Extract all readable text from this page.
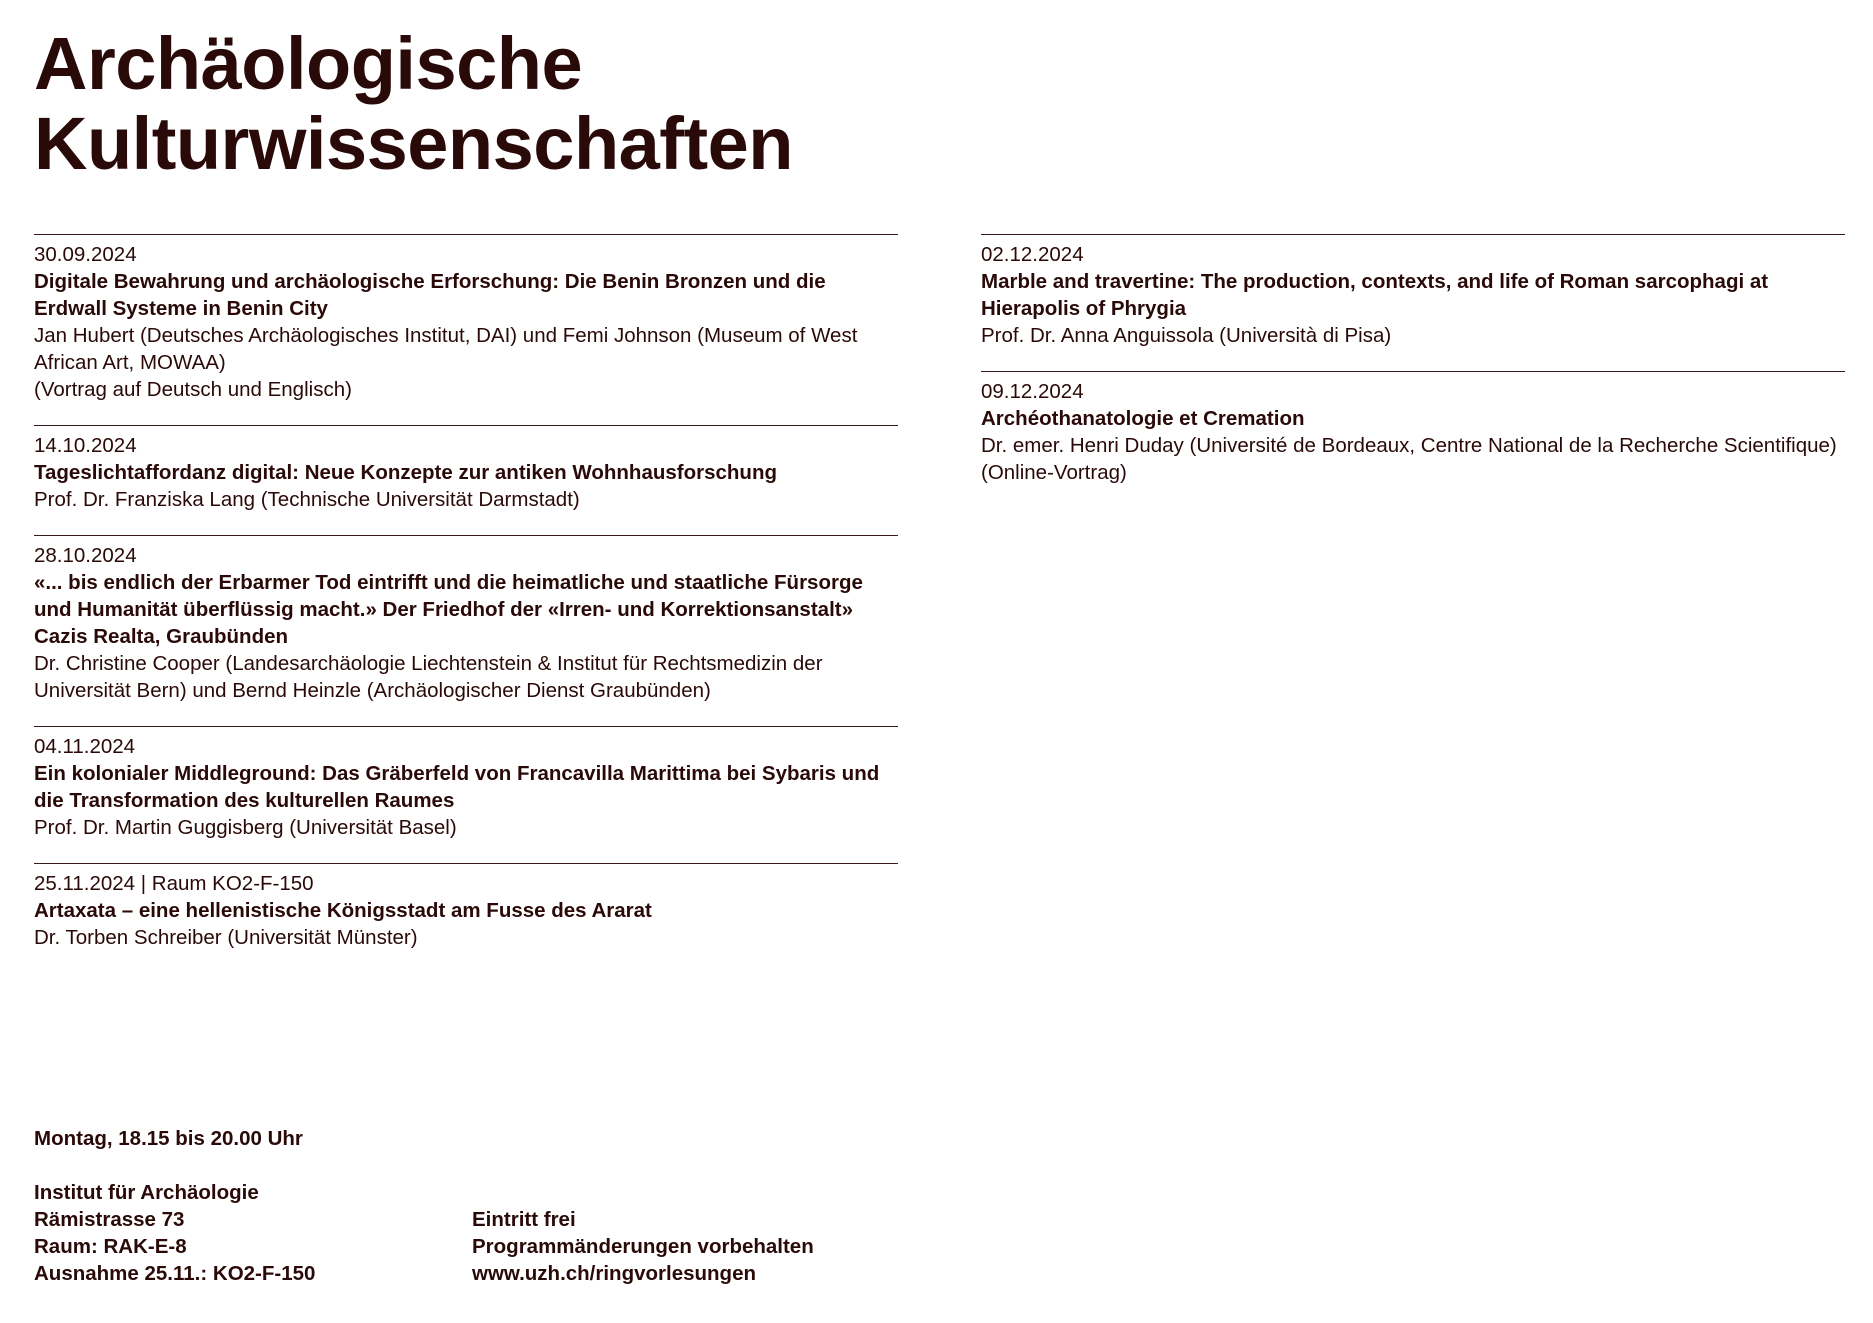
Archäologische
Kulturwissenschaften
30.09.2024
Digitale Bewahrung und archäologische Erforschung: Die Benin Bronzen und die Erdwall Systeme in Benin City
Jan Hubert (Deutsches Archäologisches Institut, DAI) und Femi Johnson (Museum of West African Art, MOWAA)
(Vortrag auf Deutsch und Englisch)
14.10.2024
Tageslichtaffordanz digital: Neue Konzepte zur antiken Wohnhausforschung
Prof. Dr. Franziska Lang (Technische Universität Darmstadt)
28.10.2024
«... bis endlich der Erbarmer Tod eintrifft und die heimatliche und staatliche Fürsorge und Humanität überflüssig macht.» Der Friedhof der «Irren- und Korrektionsanstalt» Cazis Realta, Graubünden
Dr. Christine Cooper (Landesarchäologie Liechtenstein & Institut für Rechtsmedizin der Universität Bern) und Bernd Heinzle (Archäologischer Dienst Graubünden)
04.11.2024
Ein kolonialer Middleground: Das Gräberfeld von Francavilla Marittima bei Sybaris und die Transformation des kulturellen Raumes
Prof. Dr. Martin Guggisberg (Universität Basel)
25.11.2024 | Raum KO2-F-150
Artaxata – eine hellenistische Königsstadt am Fusse des Ararat
Dr. Torben Schreiber (Universität Münster)
02.12.2024
Marble and travertine: The production, contexts, and life of Roman sarcophagi at Hierapolis of Phrygia
Prof. Dr. Anna Anguissola (Università di Pisa)
09.12.2024
Archéothanatologie et Cremation
Dr. emer. Henri Duday (Université de Bordeaux, Centre National de la Recherche Scientifique)
(Online-Vortrag)
Montag, 18.15 bis 20.00 Uhr
Institut für Archäologie
Rämistrasse 73
Raum: RAK-E-8
Ausnahme 25.11.: KO2-F-150
Eintritt frei
Programmänderungen vorbehalten
www.uzh.ch/ringvorlesungen
